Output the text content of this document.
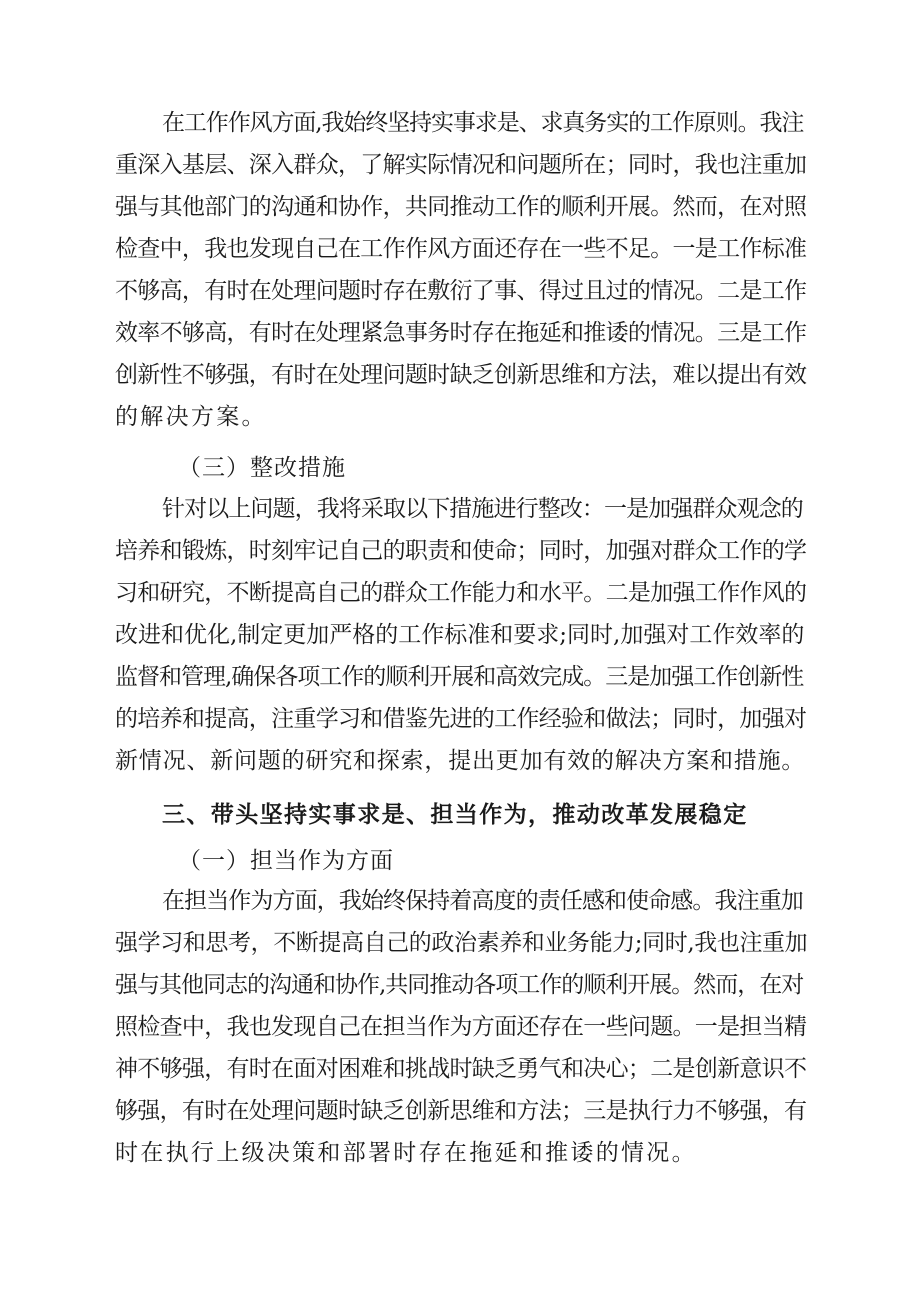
在工作作风方面,我始终坚持实事求是、求真务实的工作原则。我注
重深入基层、深入群众，了解实际情况和问题所在；同时，我也注重加
强与其他部门的沟通和协作，共同推动工作的顺利开展。然而，在对照
检查中，我也发现自己在工作作风方面还存在一些不足。一是工作标准
不够高，有时在处理问题时存在敷衍了事、得过且过的情况。二是工作
效率不够高，有时在处理紧急事务时存在拖延和推诿的情况。三是工作
创新性不够强，有时在处理问题时缺乏创新思维和方法，难以提出有效
的解决方案。
（三）整改措施
针对以上问题，我将采取以下措施进行整改：一是加强群众观念的
培养和锻炼，时刻牢记自己的职责和使命；同时，加强对群众工作的学
习和研究，不断提高自己的群众工作能力和水平。二是加强工作作风的
改进和优化,制定更加严格的工作标准和要求;同时,加强对工作效率的
监督和管理,确保各项工作的顺利开展和高效完成。三是加强工作创新性
的培养和提高，注重学习和借鉴先进的工作经验和做法；同时，加强对
新情况、新问题的研究和探索，提出更加有效的解决方案和措施。
三、带头坚持实事求是、担当作为，推动改革发展稳定
（一）担当作为方面
在担当作为方面，我始终保持着高度的责任感和使命感。我注重加
强学习和思考，不断提高自己的政治素养和业务能力;同时,我也注重加
强与其他同志的沟通和协作,共同推动各项工作的顺利开展。然而，在对
照检查中，我也发现自己在担当作为方面还存在一些问题。一是担当精
神不够强，有时在面对困难和挑战时缺乏勇气和决心；二是创新意识不
够强，有时在处理问题时缺乏创新思维和方法；三是执行力不够强，有
时在执行上级决策和部署时存在拖延和推诿的情况。
